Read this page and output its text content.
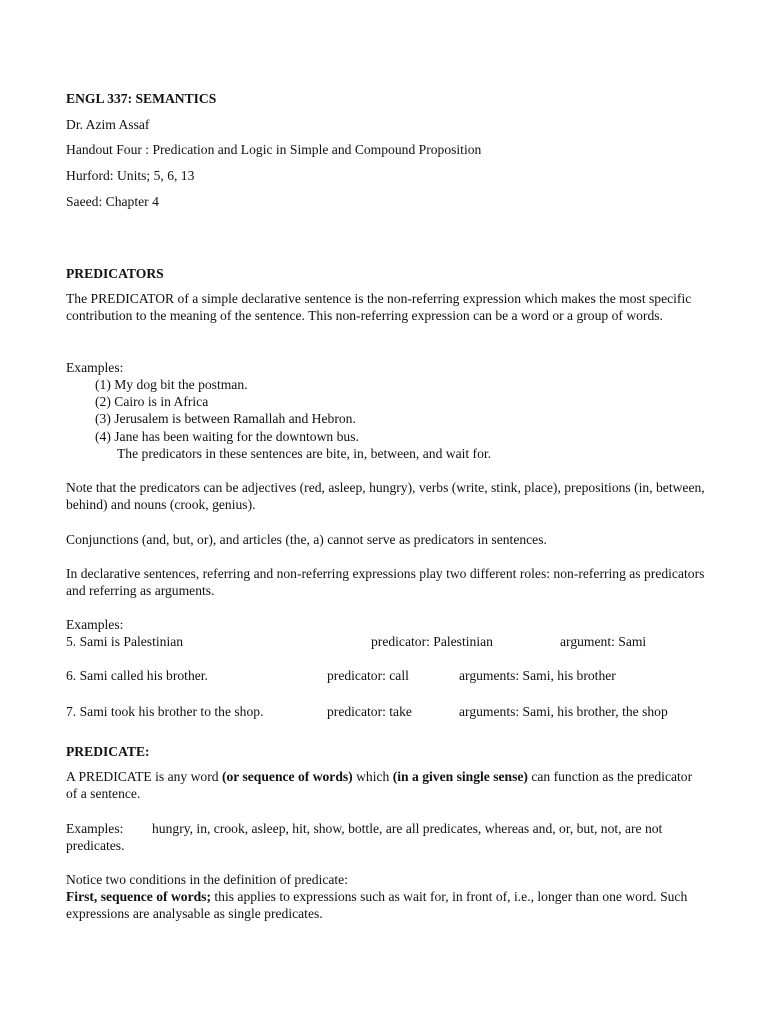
ENGL 337: SEMANTICS
Dr. Azim Assaf
Handout Four : Predication and Logic in Simple and Compound Proposition
Hurford: Units; 5, 6, 13
Saeed: Chapter 4
PREDICATORS
The PREDICATOR of a simple declarative sentence is the non-referring expression which makes the most specific contribution to the meaning of the sentence. This non-referring expression can be a word or a group of words.
Examples:
(1) My dog bit the postman.
(2) Cairo is in Africa
(3) Jerusalem is between Ramallah and Hebron.
(4) Jane has been waiting for the downtown bus.
The predicators in these sentences are bite, in, between, and wait for.
Note that the predicators can be adjectives (red, asleep, hungry), verbs (write, stink, place), prepositions (in, between, behind) and nouns (crook, genius).
Conjunctions (and, but, or), and articles (the, a) cannot serve as predicators in sentences.
In declarative sentences, referring and non-referring expressions play two different roles: non-referring as predicators and referring as arguments.
Examples:
5. Sami is Palestinian	predicator: Palestinian	argument: Sami
6. Sami called his brother.	predicator: call	arguments: Sami, his brother
7. Sami took his brother to the shop.	predicator: take	arguments: Sami, his brother, the shop
PREDICATE:
A PREDICATE is any word (or sequence of words) which (in a given single sense) can function as the predicator of a sentence.
Examples:	hungry, in, crook, asleep, hit, show, bottle, are all predicates, whereas and, or, but, not, are not predicates.
Notice two conditions in the definition of predicate:
First, sequence of words; this applies to expressions such as wait for, in front of, i.e., longer than one word. Such expressions are analysable as single predicates.
